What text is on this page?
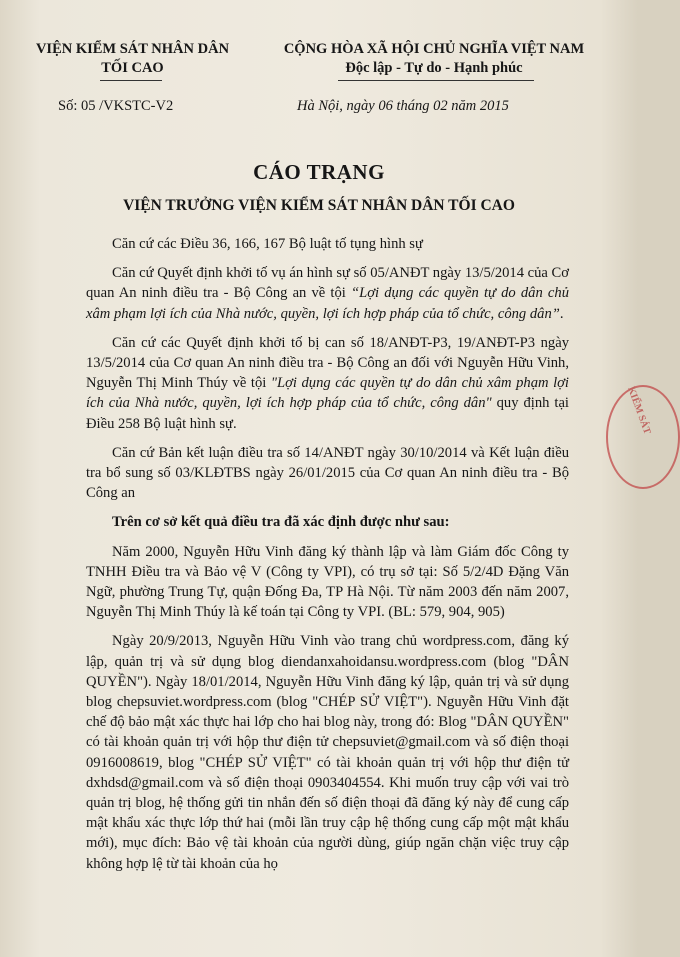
VIỆN KIỂM SÁT NHÂN DÂN
TỐI CAO
Số: 05 /VKSTC-V2
CỘNG HÒA XÃ HỘI CHỦ NGHĨA VIỆT NAM
Độc lập - Tự do - Hạnh phúc
Hà Nội, ngày 06 tháng 02 năm 2015
CÁO TRẠNG
VIỆN TRƯỞNG VIỆN KIỂM SÁT NHÂN DÂN TỐI CAO

Căn cứ các Điều 36, 166, 167 Bộ luật tố tụng hình sự

Căn cứ Quyết định khởi tố vụ án hình sự số 05/ANĐT ngày 13/5/2014 của Cơ quan An ninh điều tra - Bộ Công an về tội “Lợi dụng các quyền tự do dân chủ xâm phạm lợi ích của Nhà nước, quyền, lợi ích hợp pháp của tổ chức, công dân”.

Căn cứ các Quyết định khởi tố bị can số 18/ANĐT-P3, 19/ANĐT-P3 ngày 13/5/2014 của Cơ quan An ninh điều tra - Bộ Công an đối với Nguyễn Hữu Vinh, Nguyễn Thị Minh Thúy về tội "Lợi dụng các quyền tự do dân chủ xâm phạm lợi ích của Nhà nước, quyền, lợi ích hợp pháp của tổ chức, công dân" quy định tại Điều 258 Bộ luật hình sự.

Căn cứ Bản kết luận điều tra số 14/ANĐT ngày 30/10/2014 và Kết luận điều tra bổ sung số 03/KLĐTBS ngày 26/01/2015 của Cơ quan An ninh điều tra - Bộ Công an

Trên cơ sở kết quả điều tra đã xác định được như sau:

Năm 2000, Nguyễn Hữu Vinh đăng ký thành lập và làm Giám đốc Công ty TNHH Điều tra và Bảo vệ V (Công ty VPI), có trụ sở tại: Số 5/2/4D Đặng Văn Ngữ, phường Trung Tự, quận Đống Đa, TP Hà Nội. Từ năm 2003 đến năm 2007, Nguyễn Thị Minh Thúy là kế toán tại Công ty VPI. (BL: 579, 904, 905)

Ngày 20/9/2013, Nguyễn Hữu Vinh vào trang chủ wordpress.com, đăng ký lập, quản trị và sử dụng blog diendanxahoidansu.wordpress.com (blog "DÂN QUYỀN"). Ngày 18/01/2014, Nguyễn Hữu Vinh đăng ký lập, quản trị và sử dụng blog chepsuviet.wordpress.com (blog "CHÉP SỬ VIỆT"). Nguyễn Hữu Vinh đặt chế độ bảo mật xác thực hai lớp cho hai blog này, trong đó: Blog "DÂN QUYỀN" có tài khoản quản trị với hộp thư điện tử chepsuviet@gmail.com và số điện thoại 0916008619, blog "CHÉP SỬ VIỆT" có tài khoản quản trị với hộp thư điện tử dxhdsd@gmail.com và số điện thoại 0903404554. Khi muốn truy cập với vai trò quản trị blog, hệ thống gửi tin nhắn đến số điện thoại đã đăng ký này để cung cấp mật khẩu xác thực lớp thứ hai (mỗi lần truy cập hệ thống cung cấp một mật khẩu mới), mục đích: Bảo vệ tài khoản của người dùng, giúp ngăn chặn việc truy cập không hợp lệ từ tài khoản của họ

KIỂM SÁT
